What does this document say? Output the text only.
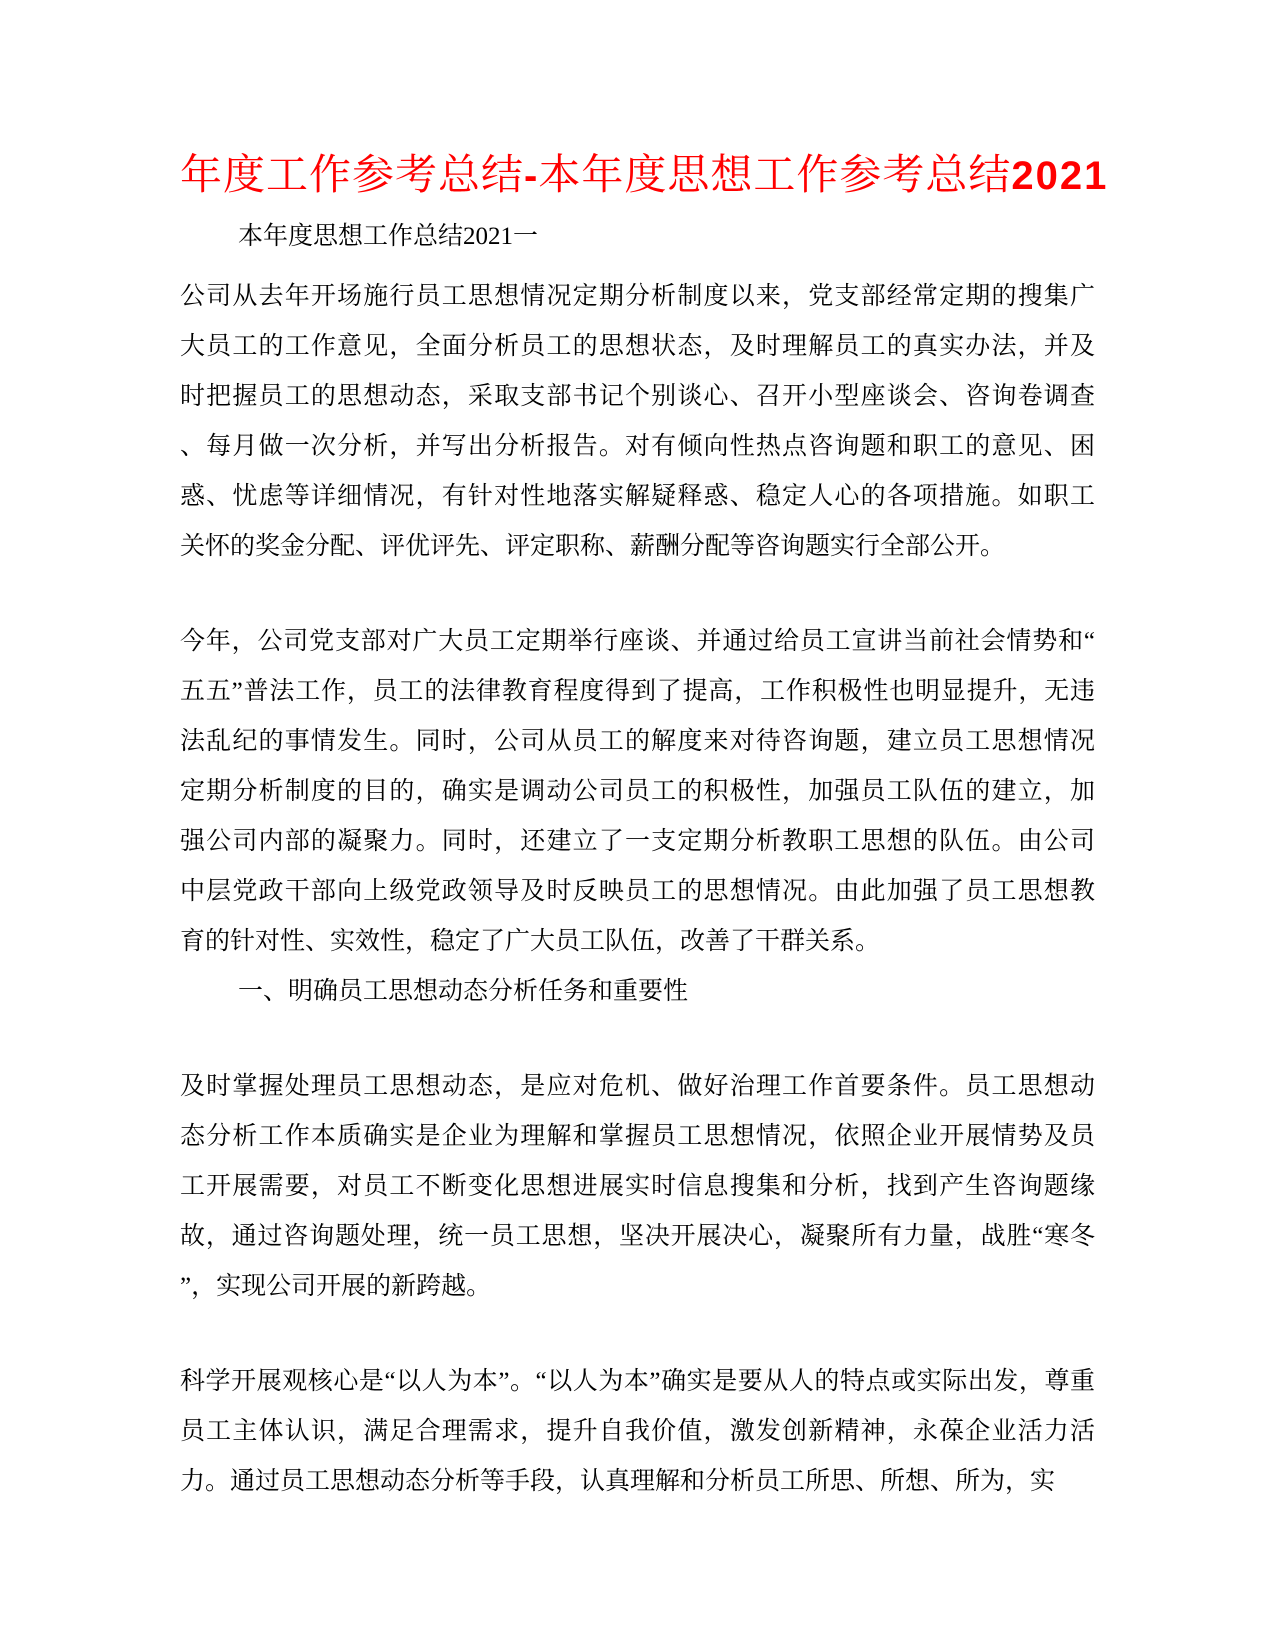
年度工作参考总结-本年度思想工作参考总结2021
本年度思想工作总结2021一
公司从去年开场施行员工思想情况定期分析制度以来，党支部经常定期的搜集广
大员工的工作意见，全面分析员工的思想状态，及时理解员工的真实办法，并及
时把握员工的思想动态，采取支部书记个别谈心、召开小型座谈会、咨询卷调查
、每月做一次分析，并写出分析报告。对有倾向性热点咨询题和职工的意见、困
惑、忧虑等详细情况，有针对性地落实解疑释惑、稳定人心的各项措施。如职工
关怀的奖金分配、评优评先、评定职称、薪酬分配等咨询题实行全部公开。
今年，公司党支部对广大员工定期举行座谈、并通过给员工宣讲当前社会情势和“
五五”普法工作，员工的法律教育程度得到了提高，工作积极性也明显提升，无违
法乱纪的事情发生。同时，公司从员工的解度来对待咨询题，建立员工思想情况
定期分析制度的目的，确实是调动公司员工的积极性，加强员工队伍的建立，加
强公司内部的凝聚力。同时，还建立了一支定期分析教职工思想的队伍。由公司
中层党政干部向上级党政领导及时反映员工的思想情况。由此加强了员工思想教
育的针对性、实效性，稳定了广大员工队伍，改善了干群关系。
一、明确员工思想动态分析任务和重要性
及时掌握处理员工思想动态，是应对危机、做好治理工作首要条件。员工思想动
态分析工作本质确实是企业为理解和掌握员工思想情况，依照企业开展情势及员
工开展需要，对员工不断变化思想进展实时信息搜集和分析，找到产生咨询题缘
故，通过咨询题处理，统一员工思想，坚决开展决心，凝聚所有力量，战胜“寒冬
”，实现公司开展的新跨越。
科学开展观核心是“以人为本”。“以人为本”确实是要从人的特点或实际出发，尊重
员工主体认识，满足合理需求，提升自我价值，激发创新精神，永葆企业活力活
力。通过员工思想动态分析等手段，认真理解和分析员工所思、所想、所为，实
